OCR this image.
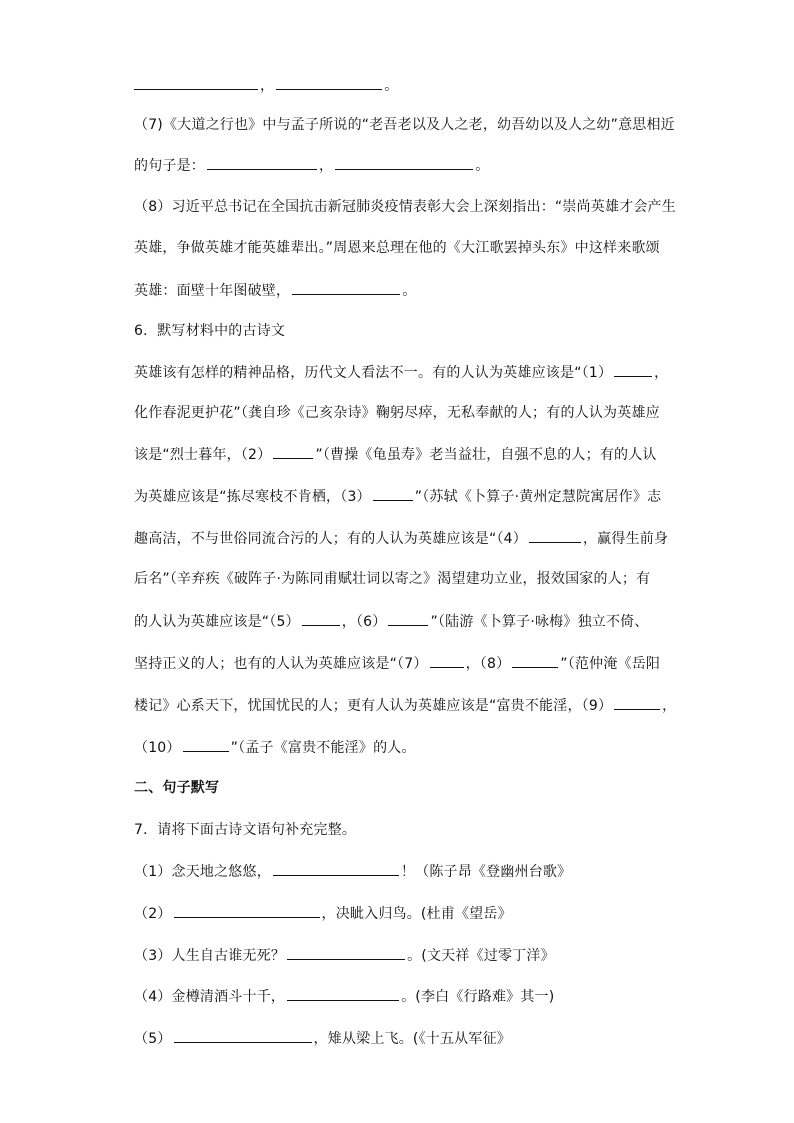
，	。
（7)《大道之行也》中与孟子所说的“老吾老以及人之老，幼吾幼以及人之幼”意思相近
的句子是：	，	。
（8）习近平总书记在全国抗击新冠肺炎疫情表彰大会上深刻指出：“崇尚英雄才会产生
英雄，争做英雄才能英雄辈出。”周恩来总理在他的《大江歌罢掉头东》中这样来歌颂
英雄：面壁十年图破壁，	。
6．默写材料中的古诗文
英雄该有怎样的精神品格，历代文人看法不一。有的人认为英雄应该是“（1）	，
化作春泥更护花”（龚自珍《己亥杂诗》鞠躬尽瘁，无私奉献的人；有的人认为英雄应
该是“烈士暮年，（2）	”（曹操《龟虽寿》老当益壮，自强不息的人；有的人认
为英雄应该是“拣尽寒枝不肯栖，（3）	”（苏轼《卜算子·黄州定慧院寓居作》志
趣高洁，不与世俗同流合污的人；有的人认为英雄应该是“（4）	，赢得生前身
后名”（辛弃疾《破阵子·为陈同甫赋壮词以寄之》渴望建功立业，报效国家的人；有
的人认为英雄应该是“（5）	，（6）	”（陆游《卜算子·咏梅》独立不倚、
坚持正义的人；也有的人认为英雄应该是“（7）	，（8）	”（范仲淹《岳阳
楼记》心系天下，忧国忧民的人；更有人认为英雄应该是“富贵不能淫，（9）	，
（10）	”（孟子《富贵不能淫》的人。
二、句子默写
7．请将下面古诗文语句补充完整。
（1）念天地之悠悠，	！（陈子昂《登幽州台歌》
（2）	，决眦入归鸟。(杜甫《望岳》
（3）人生自古谁无死？	。(文天祥《过零丁洋》
（4）金樽清酒斗十千，	。(李白《行路难》其一)
（5）	，雉从梁上飞。(《十五从军征》
